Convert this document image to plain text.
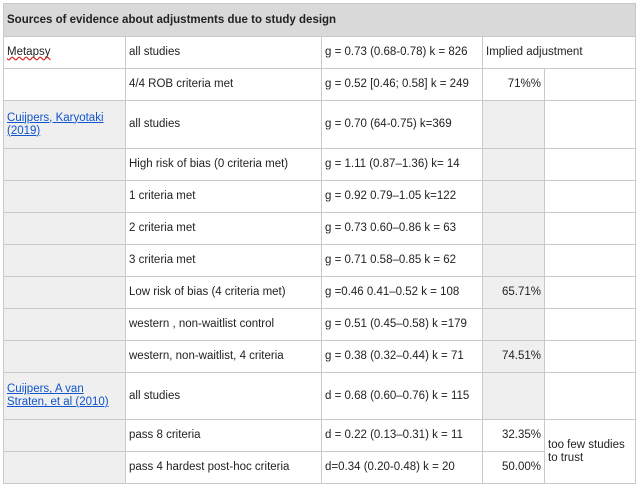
Sources of evidence about adjustments due to study design				
Metapsy	all studies	g = 0.73 (0.68-0.78) k = 826	Implied adjustment	
	4/4 ROB criteria met	g = 0.52 [0.46; 0.58] k = 249	71%%	
Cuijpers, Karyotaki (2019)	all studies	g = 0.70 (64-0.75) k=369		
	High risk of bias (0 criteria met)	g = 1.11 (0.87–1.36) k= 14		
	1 criteria met	g = 0.92 0.79–1.05 k=122		
	2 criteria met	g = 0.73 0.60–0.86 k = 63		
	3 criteria met	g = 0.71 0.58–0.85 k = 62		
	Low risk of bias (4 criteria met)	g =0.46 0.41–0.52 k = 108	65.71%	
	western , non-waitlist control	g = 0.51 (0.45–0.58) k =179		
	western, non-waitlist, 4 criteria	g = 0.38 (0.32–0.44) k = 71	74.51%	
Cuijpers, A van Straten, et al (2010)	all studies	d = 0.68 (0.60–0.76) k = 115		
	pass 8 criteria	d = 0.22 (0.13–0.31) k = 11	32.35%	too few studies to trust
	pass 4 hardest post-hoc criteria	d=0.34 (0.20-0.48) k = 20	50.00%	
